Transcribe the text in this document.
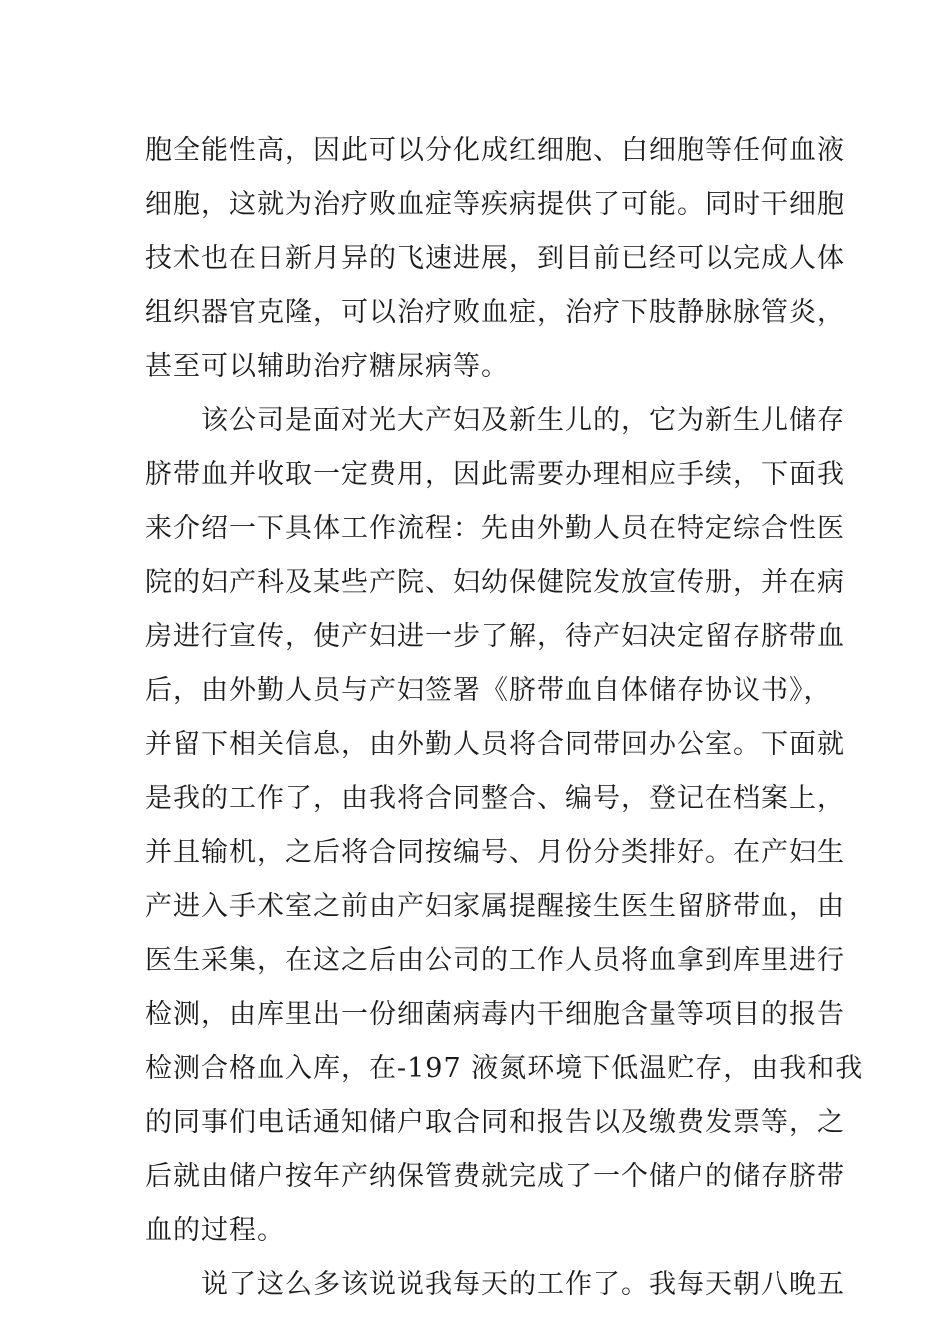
胞全能性高，因此可以分化成红细胞、白细胞等任何血液
细胞，这就为治疗败血症等疾病提供了可能。同时干细胞
技术也在日新月异的飞速进展，到目前已经可以完成人体
组织器官克隆，可以治疗败血症，治疗下肢静脉脉管炎，
甚至可以辅助治疗糖尿病等。
该公司是面对光大产妇及新生儿的，它为新生儿储存
脐带血并收取一定费用，因此需要办理相应手续，下面我
来介绍一下具体工作流程：先由外勤人员在特定综合性医
院的妇产科及某些产院、妇幼保健院发放宣传册，并在病
房进行宣传，使产妇进一步了解，待产妇决定留存脐带血
后，由外勤人员与产妇签署《脐带血自体储存协议书》，
并留下相关信息，由外勤人员将合同带回办公室。下面就
是我的工作了，由我将合同整合、编号，登记在档案上，
并且输机，之后将合同按编号、月份分类排好。在产妇生
产进入手术室之前由产妇家属提醒接生医生留脐带血，由
医生采集，在这之后由公司的工作人员将血拿到库里进行
检测，由库里出一份细菌病毒内干细胞含量等项目的报告
检测合格血入库，在-197 液氮环境下低温贮存，由我和我
的同事们电话通知储户取合同和报告以及缴费发票等，之
后就由储户按年产纳保管费就完成了一个储户的储存脐带
血的过程。
说了这么多该说说我每天的工作了。我每天朝八晚五
